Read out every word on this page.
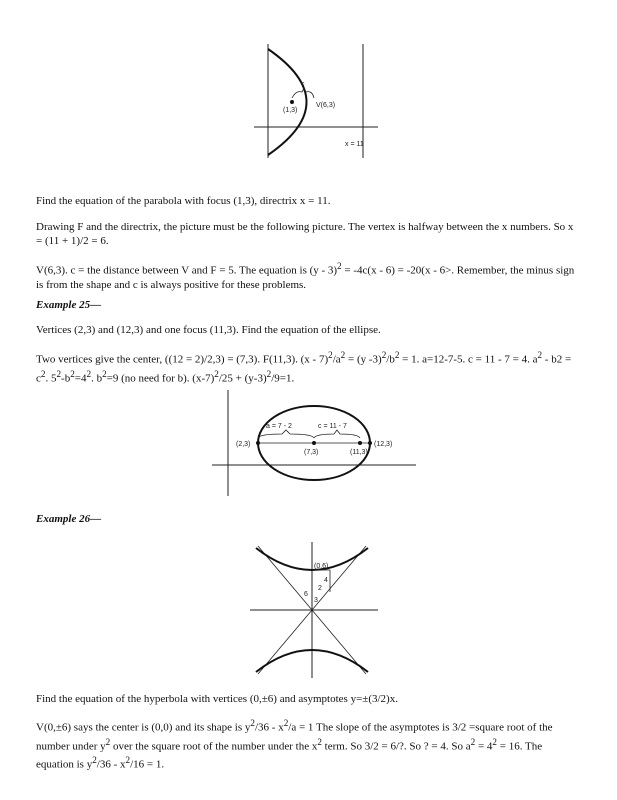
c
(1,3)
V(6,3)
x = 11

Find the equation of the parabola with focus (1,3), directrix x = 11.

Drawing F and the directrix, the picture must be the following picture. The vertex is halfway between the x numbers. So x = (11 + 1)/2 = 6.

V(6,3). c = the distance between V and F = 5. The equation is (y - 3)$^2$ = -4c(x - 6) = -20(x - 6>. Remember, the minus sign is from the shape and c is always positive for these problems.

Example 25—

Vertices (2,3) and (12,3) and one focus (11,3). Find the equation of the ellipse.

Two vertices give the center, ((12 = 2)/2,3) = (7,3). F(11,3). $(x - 7)^2/a^2 = (y$ $-3)^2/b^2 = 1$. a=12-7-5. c = 11 - 7 = 4. $a^2 - b2 = c^2$. $5^2-b^2=4^2$. $b^2=9$ (no need for b). $(x-7)^2/25 + (y-3)^2/9=1$.

a = 7 - 2	c = 11 - 7
(2,3)	(12,3)
(7,3)	(11,3)

Example 26—

(0,6)
4
2
3
6

Find the equation of the hyperbola with vertices (0,±6) and asymptotes y=±(3/2)x.

V(0,±6) says the center is (0,0) and its shape is $y^2/36 - x^2/a = 1$ The slope of the asymptotes is 3/2 =square root of the number under $y^2$ over the square root of the number under the $x^2$ term. So 3/2 = 6/?. So ? = 4. So $a^2 = 4^2 = 16$. The equation is $y^2/36 - x^2/16 = 1$.
